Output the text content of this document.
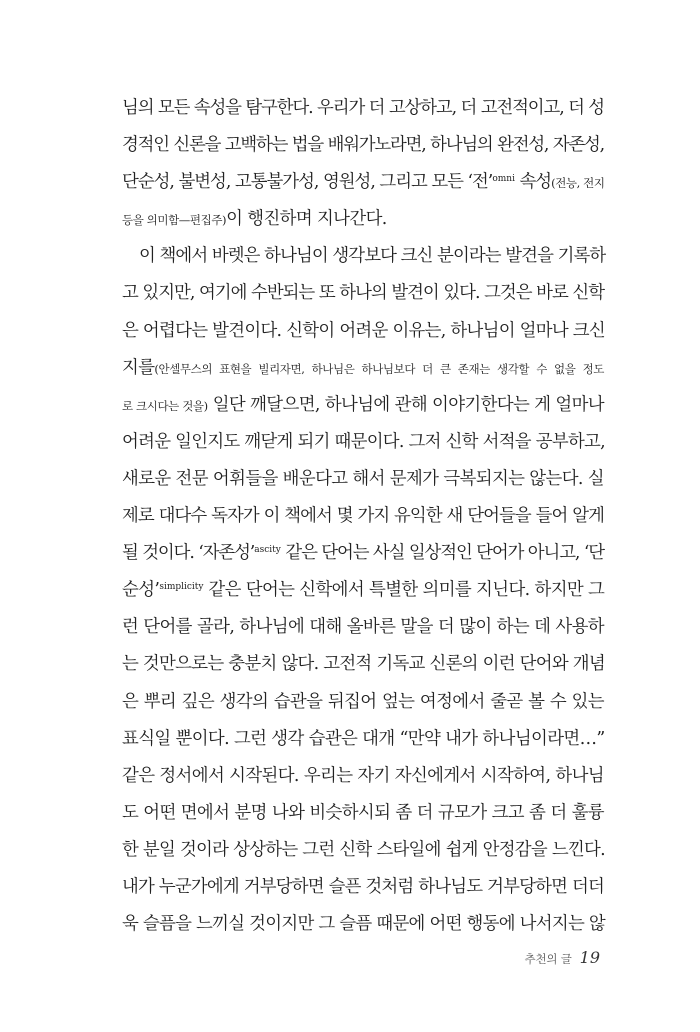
님의 모든 속성을 탐구한다. 우리가 더 고상하고, 더 고전적이고, 더 성
경적인 신론을 고백하는 법을 배워가노라면, 하나님의 완전성, 자존성,
단순성, 불변성, 고통불가성, 영원성, 그리고 모든 ‘전’$^{omni}$ 속성(전능, 전지
등을 의미함—편집주)이 행진하며 지나간다.
이 책에서 바렛은 하나님이 생각보다 크신 분이라는 발견을 기록하
고 있지만, 여기에 수반되는 또 하나의 발견이 있다. 그것은 바로 신학
은 어렵다는 발견이다. 신학이 어려운 이유는, 하나님이 얼마나 크신
지를(안셀무스의 표현을 빌리자면, 하나님은 하나님보다 더 큰 존재는 생각할 수 없을 정도
로 크시다는 것을) 일단 깨달으면, 하나님에 관해 이야기한다는 게 얼마나
어려운 일인지도 깨닫게 되기 때문이다. 그저 신학 서적을 공부하고,
새로운 전문 어휘들을 배운다고 해서 문제가 극복되지는 않는다. 실
제로 대다수 독자가 이 책에서 몇 가지 유익한 새 단어들을 들어 알게
될 것이다. ‘자존성’$^{ascity}$ 같은 단어는 사실 일상적인 단어가 아니고, ‘단
순성’$^{simplicity}$ 같은 단어는 신학에서 특별한 의미를 지닌다. 하지만 그
런 단어를 골라, 하나님에 대해 올바른 말을 더 많이 하는 데 사용하
는 것만으로는 충분치 않다. 고전적 기독교 신론의 이런 단어와 개념
은 뿌리 깊은 생각의 습관을 뒤집어 엎는 여정에서 줄곧 볼 수 있는
표식일 뿐이다. 그런 생각 습관은 대개 “만약 내가 하나님이라면…”
같은 정서에서 시작된다. 우리는 자기 자신에게서 시작하여, 하나님
도 어떤 면에서 분명 나와 비슷하시되 좀 더 규모가 크고 좀 더 훌륭
한 분일 것이라 상상하는 그런 신학 스타일에 쉽게 안정감을 느낀다.
내가 누군가에게 거부당하면 슬픈 것처럼 하나님도 거부당하면 더더
욱 슬픔을 느끼실 것이지만 그 슬픔 때문에 어떤 행동에 나서지는 않
추천의 글 19
